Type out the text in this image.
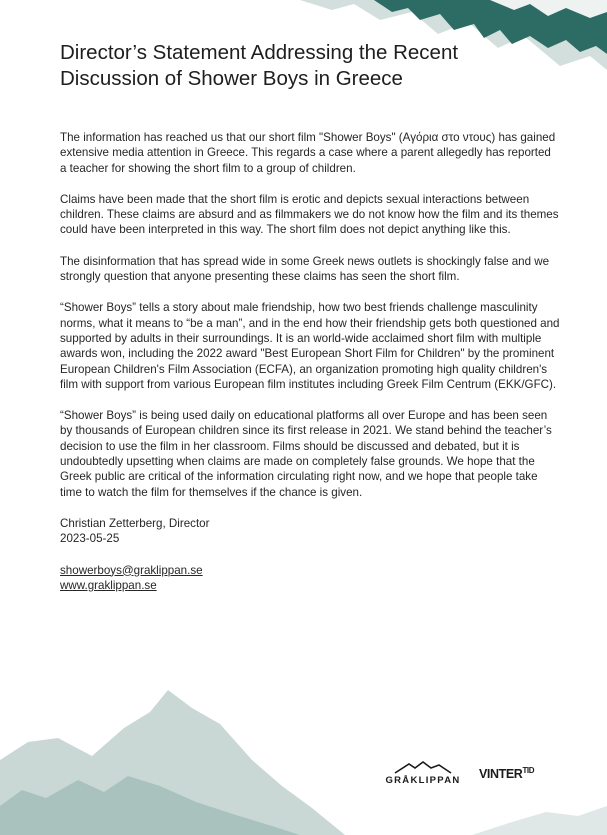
Director’s Statement Addressing the Recent Discussion of Shower Boys in Greece

The information has reached us that our short film "Shower Boys" (Αγόρια στο ντους) has gained extensive media attention in Greece. This regards a case where a parent allegedly has reported a teacher for showing the short film to a group of children.

Claims have been made that the short film is erotic and depicts sexual interactions between children. These claims are absurd and as filmmakers we do not know how the film and its themes could have been interpreted in this way. The short film does not depict anything like this.

The disinformation that has spread wide in some Greek news outlets is shockingly false and we strongly question that anyone presenting these claims has seen the short film.

“Shower Boys” tells a story about male friendship, how two best friends challenge masculinity norms, what it means to “be a man”, and in the end how their friendship gets both questioned and supported by adults in their surroundings. It is an world-wide acclaimed short film with multiple awards won, including the 2022 award "Best European Short Film for Children" by the prominent European Children's Film Association (ECFA), an organization promoting high quality children's film with support from various European film institutes including Greek Film Centrum (EKK/GFC).

“Shower Boys” is being used daily on educational platforms all over Europe and has been seen by thousands of European children since its first release in 2021. We stand behind the teacher’s decision to use the film in her classroom. Films should be discussed and debated, but it is undoubtedly upsetting when claims are made on completely false grounds. We hope that the Greek public are critical of the information circulating right now, and we hope that people take time to watch the film for themselves if the chance is given.

Christian Zetterberg, Director
2023-05-25
showerboys@graklippan.se
www.graklippan.se
GRÅKLIPPAN $VINTER^{TID}$
